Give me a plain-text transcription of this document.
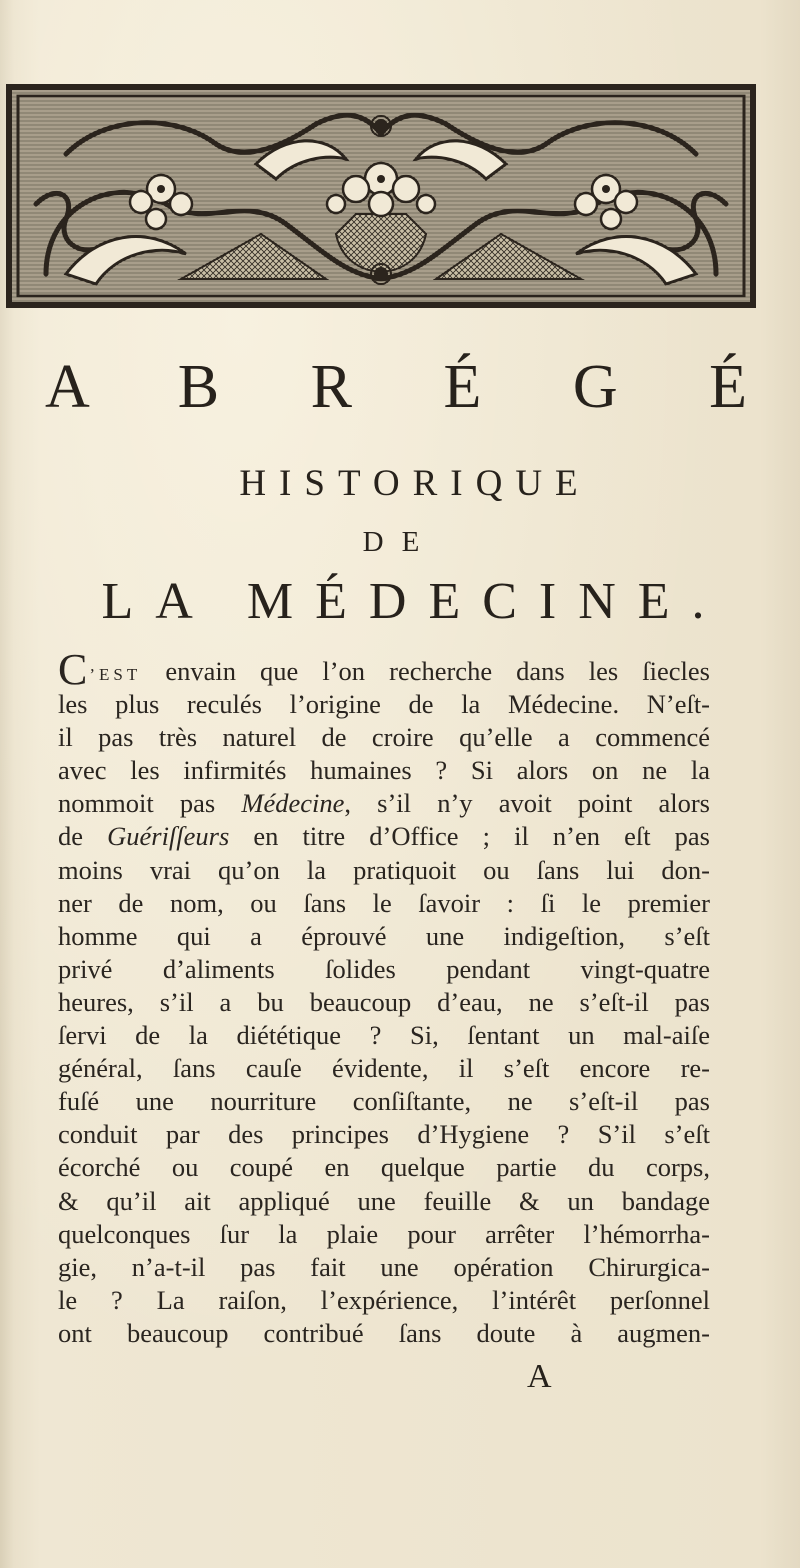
A B R É G É
HISTORIQUE
DE
LA MÉDECINE.
C ’EST envain que l’on recherche dans les ſiecles
les plus reculés l’origine de la Médecine. N’eſt-
il pas très naturel de croire qu’elle a commencé
avec les infirmités humaines ? Si alors on ne la
nommoit pas Médecine, s’il n’y avoit point alors
de Guériſſeurs en titre d’Office ; il n’en eſt pas
moins vrai qu’on la pratiquoit ou ſans lui don-
ner de nom, ou ſans le ſavoir : ſi le premier
homme qui a éprouvé une indigeſtion, s’eſt
privé d’aliments ſolides pendant vingt-quatre
heures, s’il a bu beaucoup d’eau, ne s’eſt-il pas
ſervi de la diététique ? Si, ſentant un mal-aiſe
général, ſans cauſe évidente, il s’eſt encore re-
fuſé une nourriture conſiſtante, ne s’eſt-il pas
conduit par des principes d’Hygiene ? S’il s’eſt
écorché ou coupé en quelque partie du corps,
& qu’il ait appliqué une feuille & un bandage
quelconques ſur la plaie pour arrêter l’hémorrha-
gie, n’a-t-il pas fait une opération Chirurgica-
le ? La raiſon, l’expérience, l’intérêt perſonnel
ont beaucoup contribué ſans doute à augmen-
A
